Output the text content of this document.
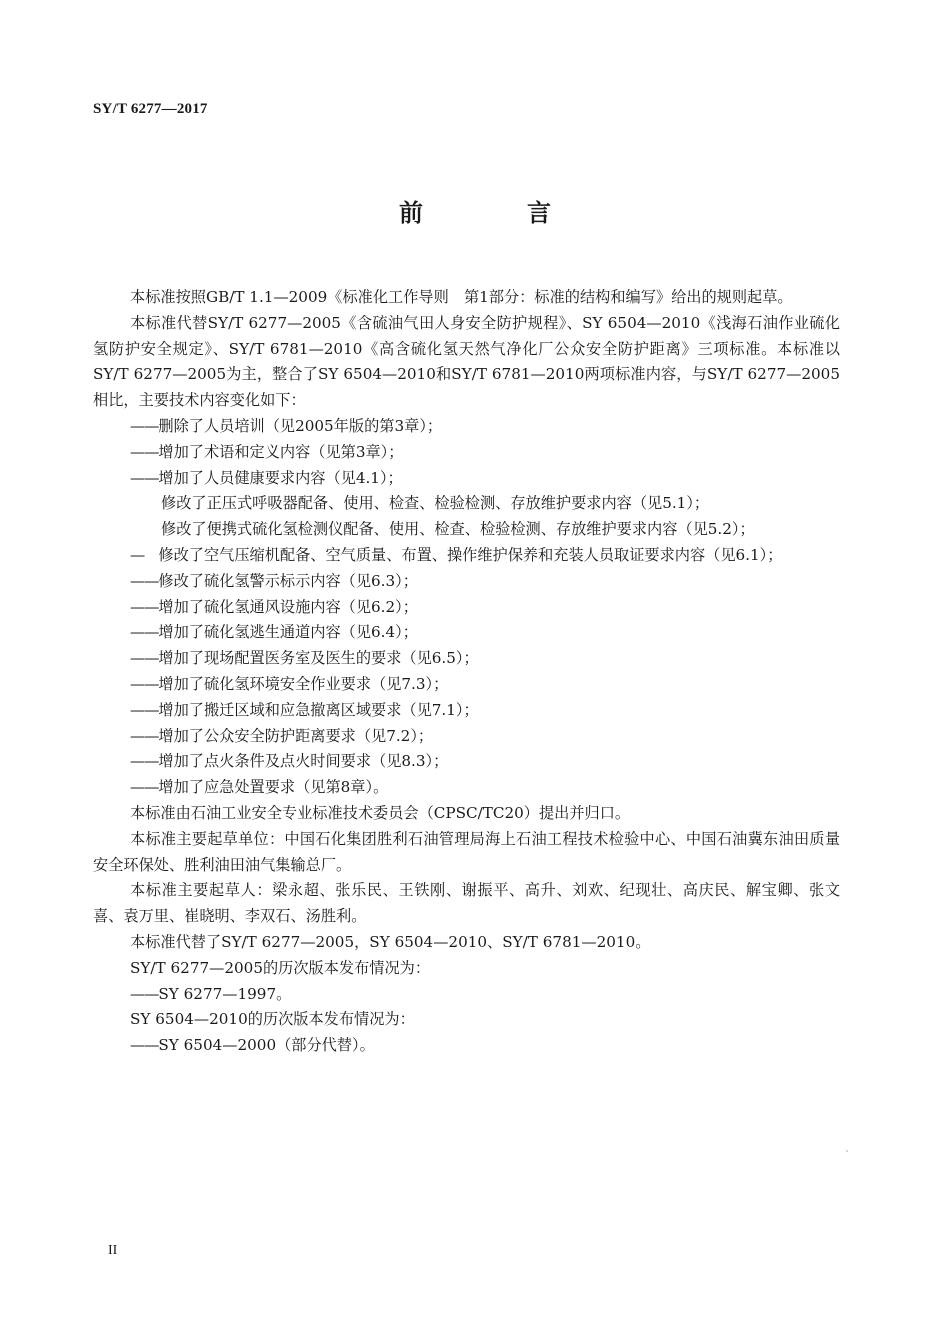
SY/T 6277—2017
前　言

本标准按照GB/T 1.1—2009《标准化工作导则　第1部分：标准的结构和编写》给出的规则起草。

本标准代替SY/T 6277—2005《含硫油气田人身安全防护规程》、SY 6504—2010《浅海石油作业硫化氢防护安全规定》、SY/T 6781—2010《高含硫化氢天然气净化厂公众安全防护距离》三项标准。本标准以SY/T 6277—2005为主，整合了SY 6504—2010和SY/T 6781—2010两项标准内容，与SY/T 6277—2005相比，主要技术内容变化如下：

——删除了人员培训（见2005年版的第3章）；

——增加了术语和定义内容（见第3章）；

——增加了人员健康要求内容（见4.1）；

修改了正压式呼吸器配备、使用、检查、检验检测、存放维护要求内容（见5.1）；

修改了便携式硫化氢检测仪配备、使用、检查、检验检测、存放维护要求内容（见5.2）；

—　修改了空气压缩机配备、空气质量、布置、操作维护保养和充装人员取证要求内容（见6.1）；

——修改了硫化氢警示标示内容（见6.3）；

——增加了硫化氢通风设施内容（见6.2）；

——增加了硫化氢逃生通道内容（见6.4）；

——增加了现场配置医务室及医生的要求（见6.5）；

——增加了硫化氢环境安全作业要求（见7.3）；

——增加了搬迁区域和应急撤离区域要求（见7.1）；

——增加了公众安全防护距离要求（见7.2）；

——增加了点火条件及点火时间要求（见8.3）；

——增加了应急处置要求（见第8章）。

本标准由石油工业安全专业标准技术委员会（CPSC/TC20）提出并归口。

本标准主要起草单位：中国石化集团胜利石油管理局海上石油工程技术检验中心、中国石油冀东油田质量安全环保处、胜利油田油气集输总厂。

本标准主要起草人：梁永超、张乐民、王铁刚、谢振平、高升、刘欢、纪现壮、高庆民、解宝卿、张文喜、袁万里、崔晓明、李双石、汤胜利。

本标准代替了SY/T 6277—2005，SY 6504—2010、SY/T 6781—2010。

SY/T 6277—2005的历次版本发布情况为：

——SY 6277—1997。

SY 6504—2010的历次版本发布情况为：

——SY 6504—2000（部分代替）。

II
